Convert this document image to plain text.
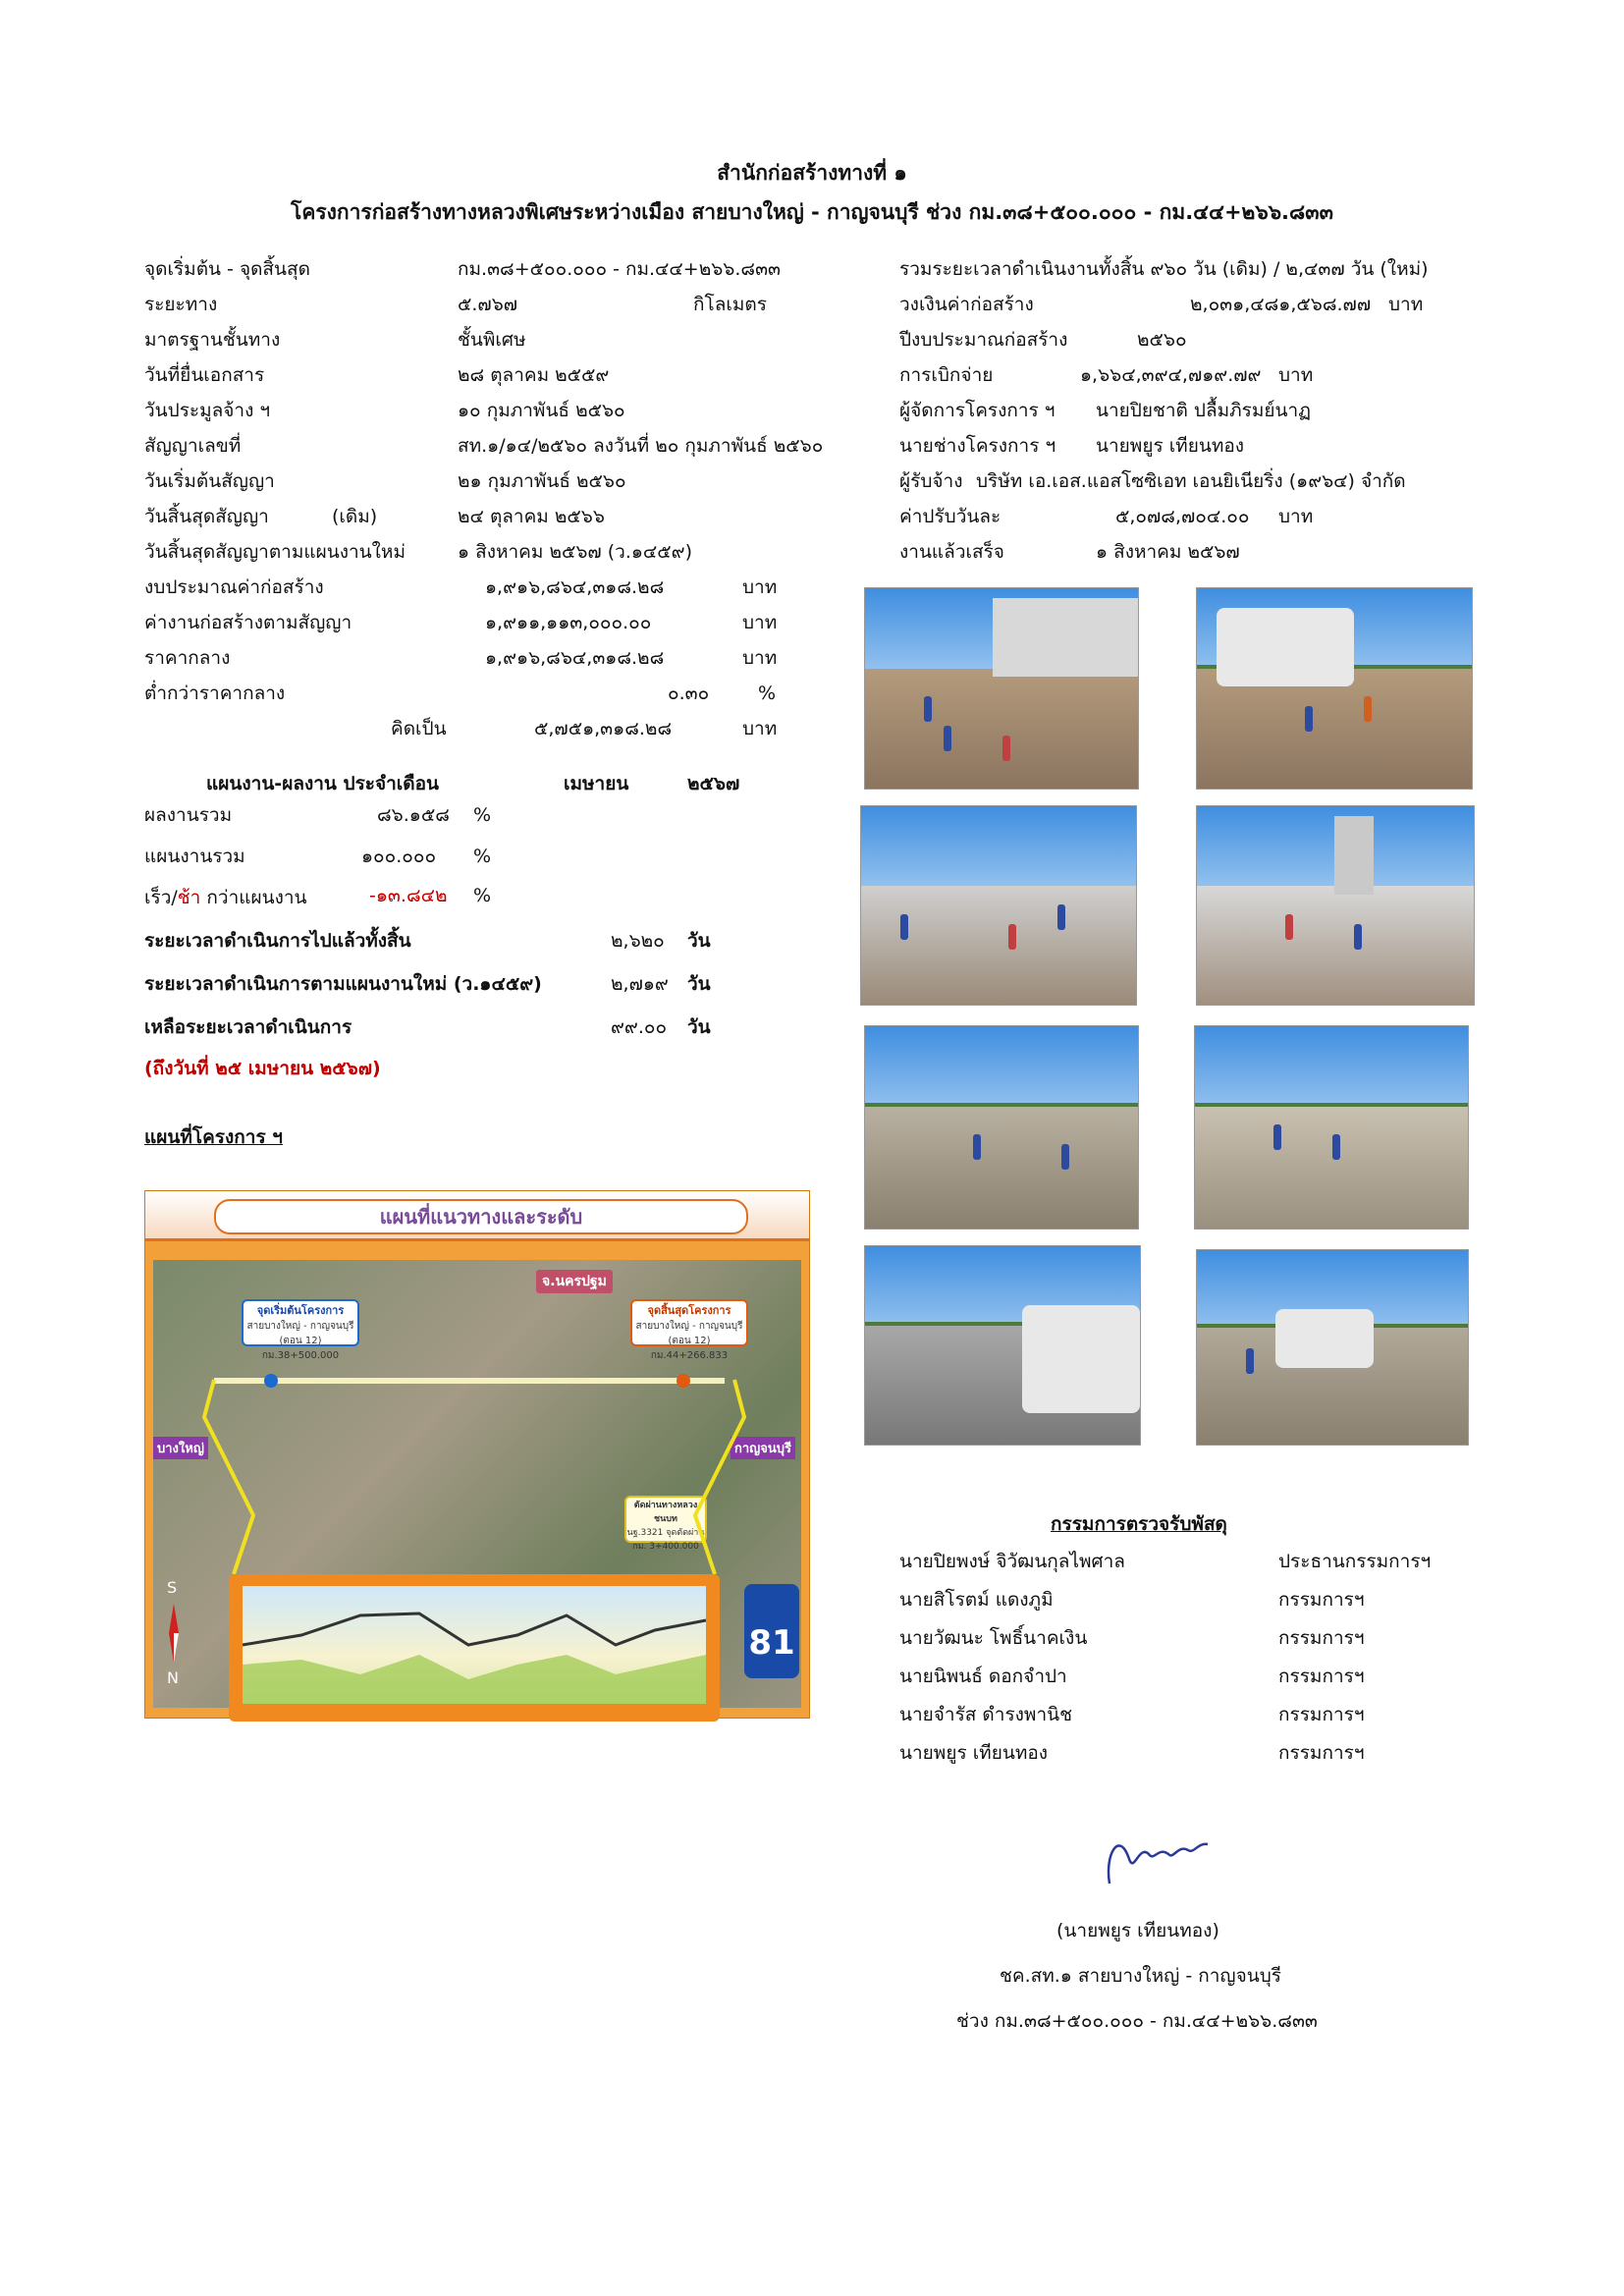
สำนักก่อสร้างทางที่ ๑
โครงการก่อสร้างทางหลวงพิเศษระหว่างเมือง สายบางใหญ่ - กาญจนบุรี ช่วง กม.๓๘+๕๐๐.๐๐๐ - กม.๔๔+๒๖๖.๘๓๓
จุดเริ่มต้น - จุดสิ้นสุด	กม.๓๘+๕๐๐.๐๐๐ - กม.๔๔+๒๖๖.๘๓๓
ระยะทาง	๕.๗๖๗	กิโลเมตร
มาตรฐานชั้นทาง	ชั้นพิเศษ
วันที่ยื่นเอกสาร	๒๘ ตุลาคม ๒๕๕๙
วันประมูลจ้าง ฯ	๑๐ กุมภาพันธ์ ๒๕๖๐
สัญญาเลขที่	สท.๑/๑๔/๒๕๖๐ ลงวันที่ ๒๐ กุมภาพันธ์ ๒๕๖๐
วันเริ่มต้นสัญญา	๒๑ กุมภาพันธ์ ๒๕๖๐
วันสิ้นสุดสัญญา	(เดิม)	๒๔ ตุลาคม ๒๕๖๖
วันสิ้นสุดสัญญาตามแผนงานใหม่	๑ สิงหาคม ๒๕๖๗ (ว.๑๔๕๙)
งบประมาณค่าก่อสร้าง	๑,๙๑๖,๘๖๔,๓๑๘.๒๘	บาท
ค่างานก่อสร้างตามสัญญา	๑,๙๑๑,๑๑๓,๐๐๐.๐๐	บาท
ราคากลาง	๑,๙๑๖,๘๖๔,๓๑๘.๒๘	บาท
ต่ำกว่าราคากลาง	๐.๓๐	%
คิดเป็น	๕,๗๕๑,๓๑๘.๒๘	บาท
รวมระยะเวลาดำเนินงานทั้งสิ้น ๙๖๐ วัน (เดิม) / ๒,๔๓๗ วัน (ใหม่)
วงเงินค่าก่อสร้าง	๒,๐๓๑,๔๘๑,๕๖๘.๗๗ บาท
ปีงบประมาณก่อสร้าง	๒๕๖๐
การเบิกจ่าย	๑,๖๖๔,๓๙๔,๗๑๙.๗๙ บาท
ผู้จัดการโครงการ ฯ นายปิยชาติ ปลื้มภิรมย์นาฏ
นายช่างโครงการ ฯ นายพยูร เทียนทอง
ผู้รับจ้าง บริษัท เอ.เอส.แอสโซซิเอท เอนยิเนียริ่ง (๑๙๖๔) จำกัด
ค่าปรับวันละ	๕,๐๗๘,๗๐๔.๐๐ บาท
งานแล้วเสร็จ	๑ สิงหาคม ๒๕๖๗
แผนงาน-ผลงาน ประจำเดือน	เมษายน	๒๕๖๗
ผลงานรวม	๘๖.๑๕๘ %
แผนงานรวม	๑๐๐.๐๐๐ %
เร็ว/ช้า กว่าแผนงาน	-๑๓.๘๔๒ %
ระยะเวลาดำเนินการไปแล้วทั้งสิ้น	๒,๖๒๐ วัน
ระยะเวลาดำเนินการตามแผนงานใหม่ (ว.๑๔๕๙)	๒,๗๑๙ วัน
เหลือระยะเวลาดำเนินการ	๙๙.๐๐ วัน
(ถึงวันที่ ๒๕ เมษายน ๒๕๖๗)
แผนที่โครงการ ฯ
แผนที่แนวทางและระดับ
จ.นครปฐม
จุดเริ่มต้นโครงการ
สายบางใหญ่ - กาญจนบุรี (ตอน 12)
กม.38+500.000
จุดสิ้นสุดโครงการ
สายบางใหญ่ - กาญจนบุรี (ตอน 12)
กม.44+266.833
ตัดผ่านทางหลวงชนบท
นฐ.3321 จุดตัดผ่าน
กม. 3+400.000
บางใหญ่	กาญจนบุรี
S
N
81
กรรมการตรวจรับพัสดุ
นายปิยพงษ์ จิวัฒนกุลไพศาล	ประธานกรรมการฯ
นายสิโรตม์ แดงภูมิ	กรรมการฯ
นายวัฒนะ โพธิ์นาคเงิน	กรรมการฯ
นายนิพนธ์ ดอกจำปา	กรรมการฯ
นายจำรัส ดำรงพานิช	กรรมการฯ
นายพยูร เทียนทอง	กรรมการฯ
(นายพยูร เทียนทอง)
ชค.สท.๑ สายบางใหญ่ - กาญจนบุรี
ช่วง กม.๓๘+๕๐๐.๐๐๐ - กม.๔๔+๒๖๖.๘๓๓
